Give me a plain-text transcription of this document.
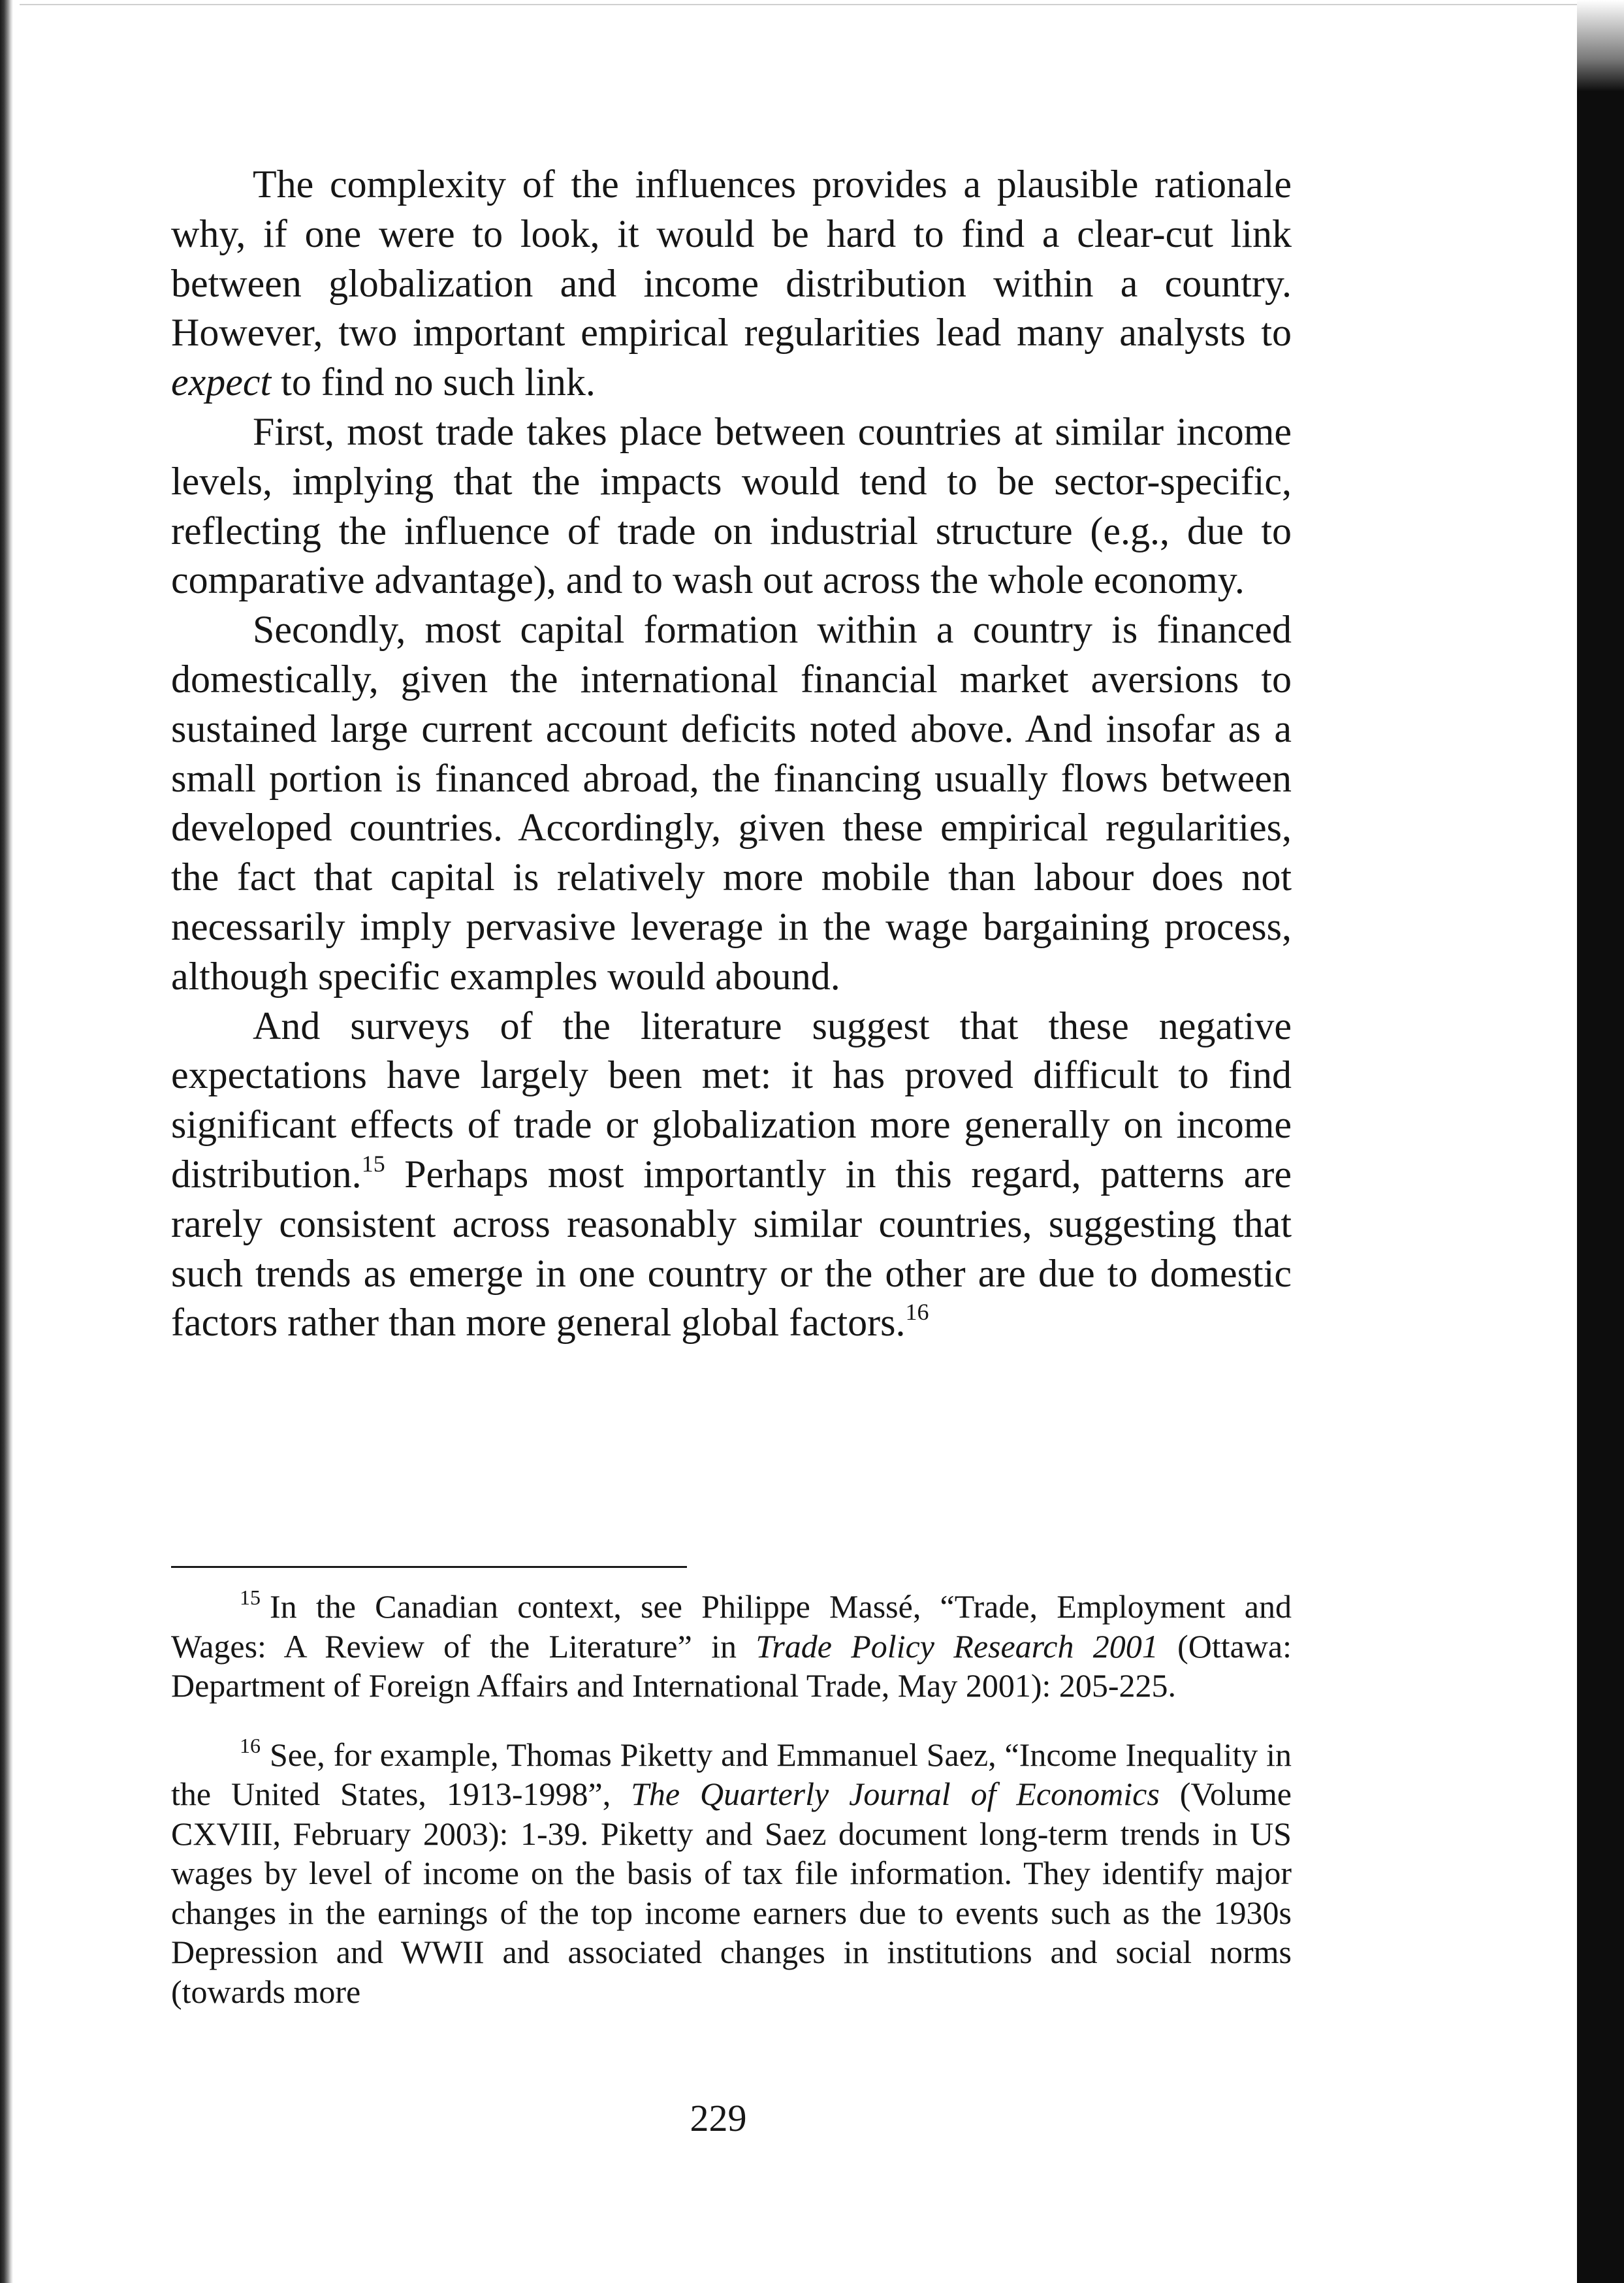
The complexity of the influences provides a plausible rationale why, if one were to look, it would be hard to find a clear-cut link between globalization and income distribution within a country. However, two important empirical regularities lead many analysts to expect to find no such link.

First, most trade takes place between countries at similar income levels, implying that the impacts would tend to be sector-specific, reflecting the influence of trade on industrial structure (e.g., due to comparative advantage), and to wash out across the whole economy.

Secondly, most capital formation within a country is financed domestically, given the international financial market aversions to sustained large current account deficits noted above. And insofar as a small portion is financed abroad, the financing usually flows between developed countries. Accordingly, given these empirical regularities, the fact that capital is relatively more mobile than labour does not necessarily imply pervasive leverage in the wage bargaining process, although specific examples would abound.

And surveys of the literature suggest that these negative expectations have largely been met: it has proved difficult to find significant effects of trade or globalization more generally on income distribution.$^{15}$ Perhaps most importantly in this regard, patterns are rarely consistent across reasonably similar countries, suggesting that such trends as emerge in one country or the other are due to domestic factors rather than more general global factors.$^{16}$

$^{15}$ In the Canadian context, see Philippe Massé, “Trade, Employment and Wages: A Review of the Literature” in Trade Policy Research 2001 (Ottawa: Department of Foreign Affairs and International Trade, May 2001): 205-225.

$^{16}$ See, for example, Thomas Piketty and Emmanuel Saez, “Income Inequality in the United States, 1913-1998”, The Quarterly Journal of Economics (Volume CXVIII, February 2003): 1-39. Piketty and Saez document long-term trends in US wages by level of income on the basis of tax file information. They identify major changes in the earnings of the top income earners due to events such as the 1930s Depression and WWII and associated changes in institutions and social norms (towards more

229
